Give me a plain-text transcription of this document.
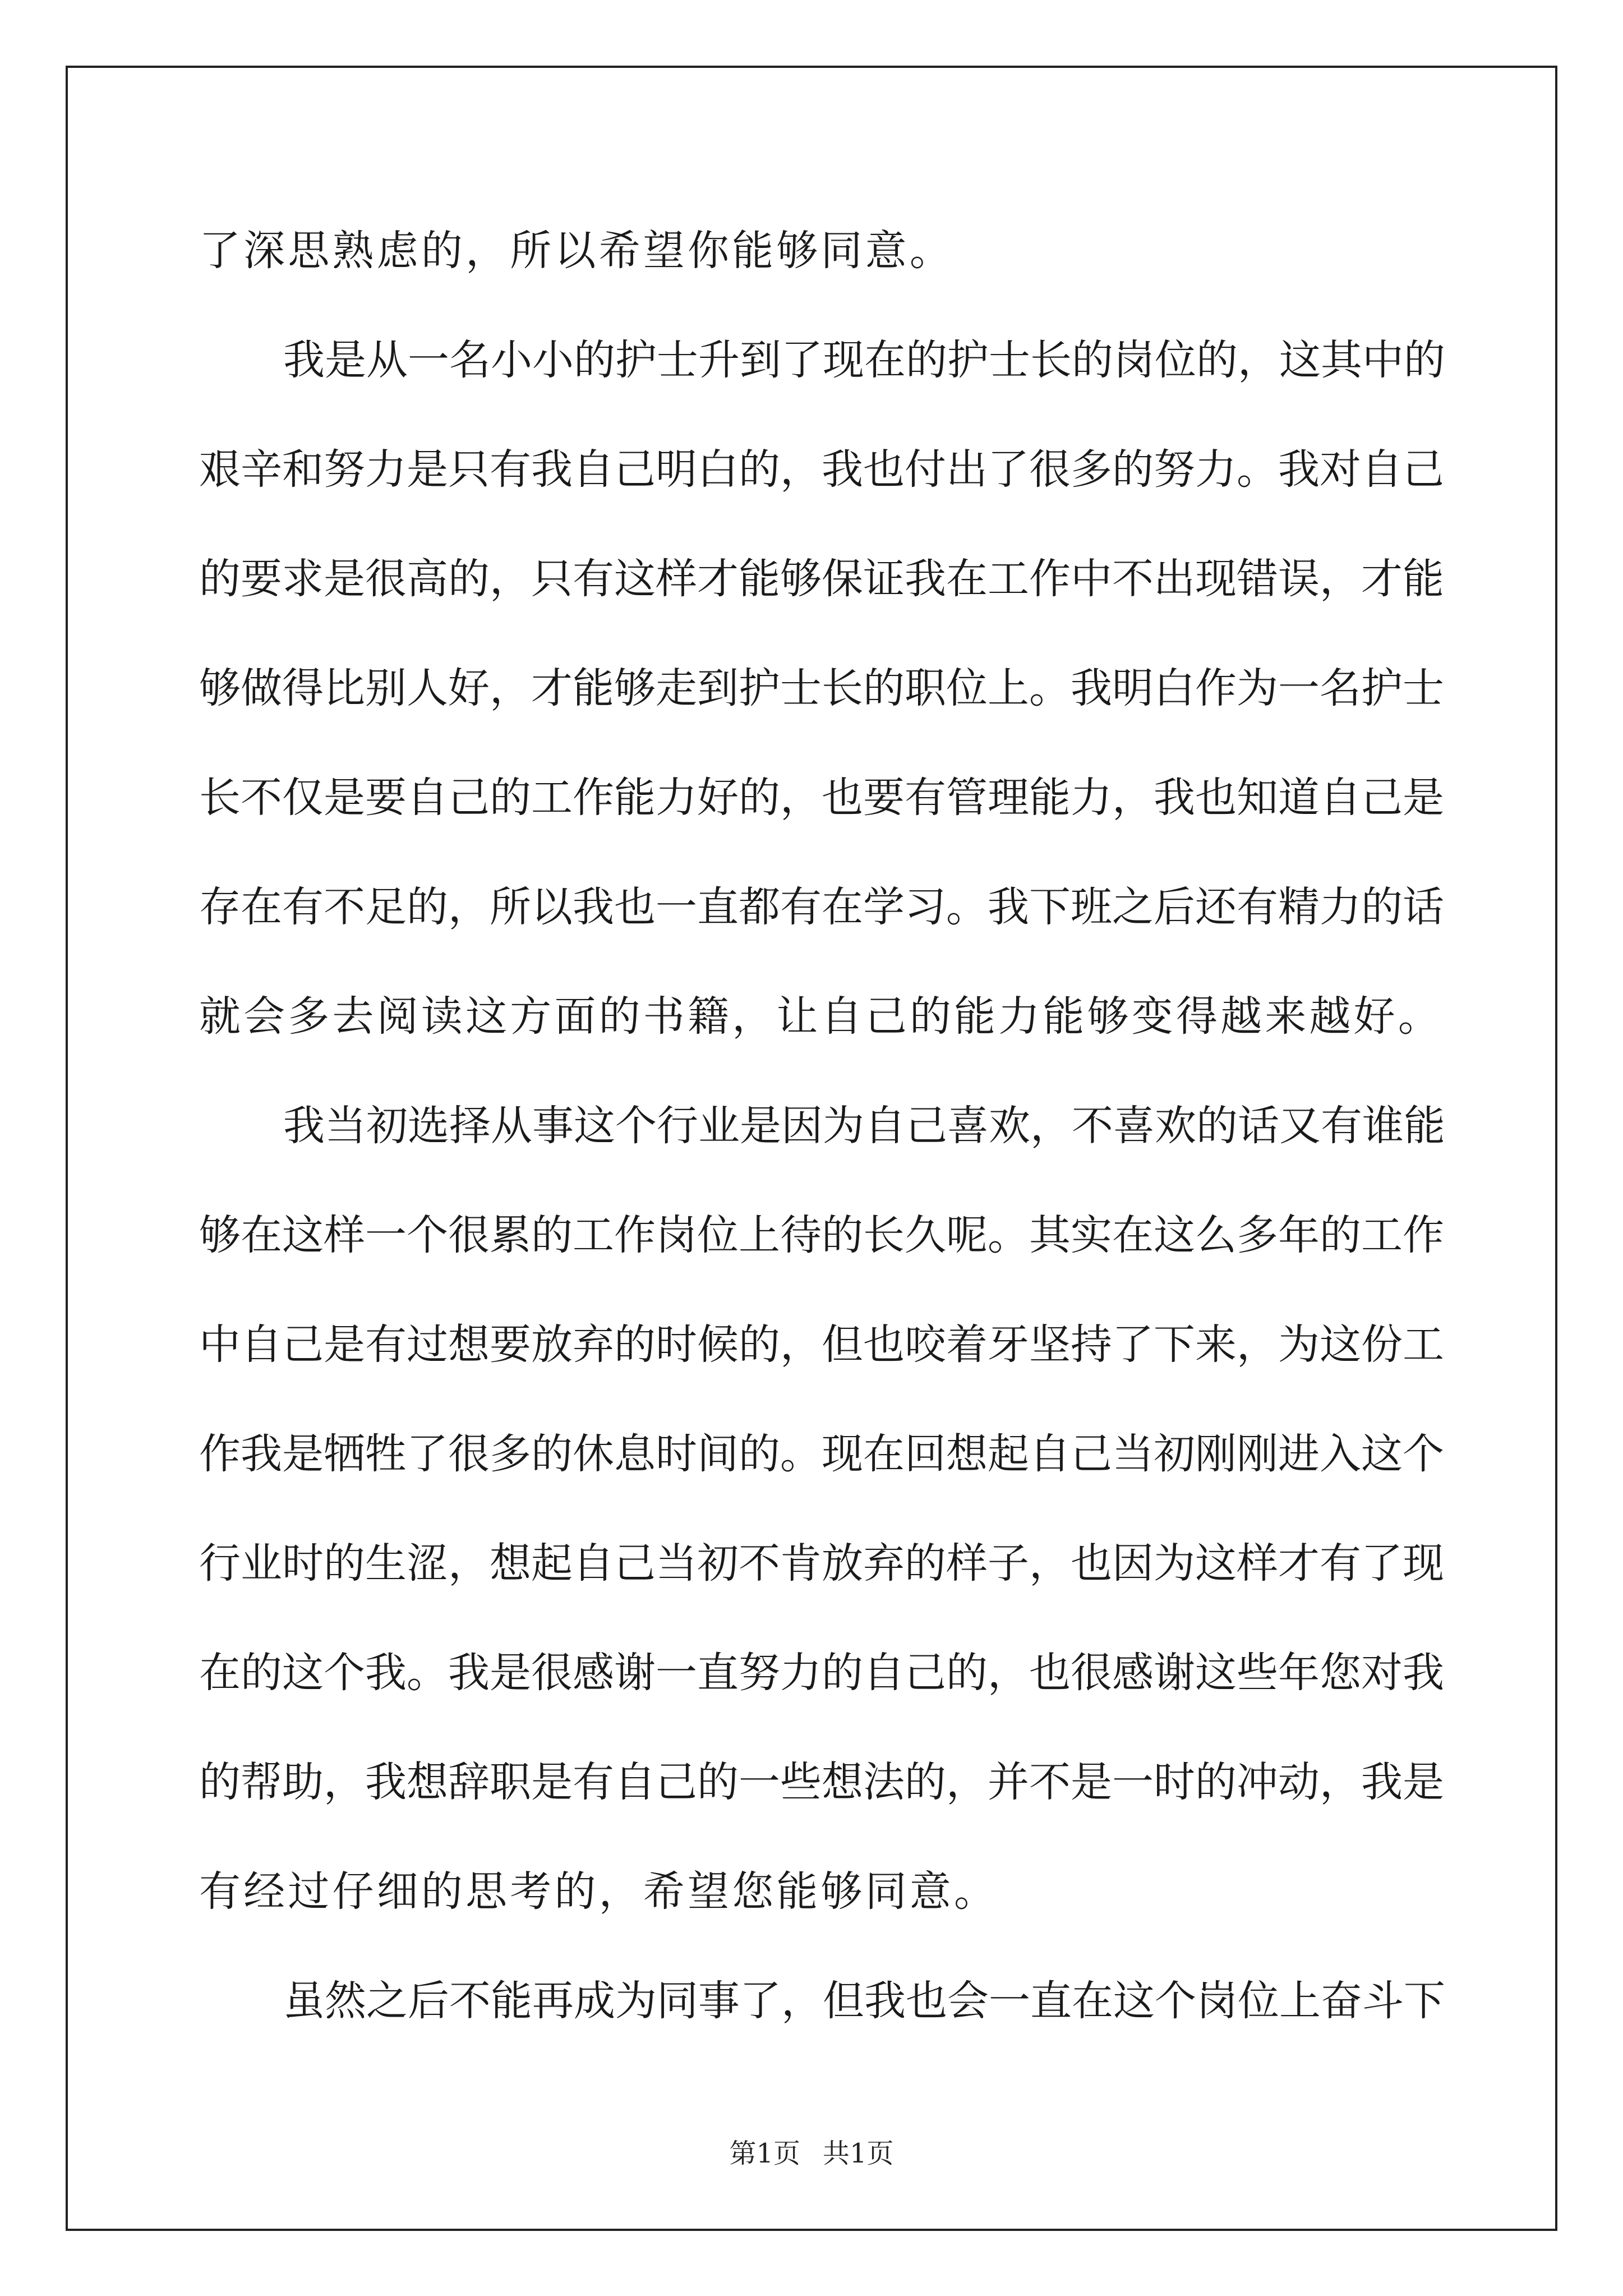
了深思熟虑的，所以希望你能够同意。
我是从一名小小的护士升到了现在的护士长的岗位的，这其中的
艰辛和努力是只有我自己明白的，我也付出了很多的努力。我对自己
的要求是很高的，只有这样才能够保证我在工作中不出现错误，才能
够做得比别人好，才能够走到护士长的职位上。我明白作为一名护士
长不仅是要自己的工作能力好的，也要有管理能力，我也知道自己是
存在有不足的，所以我也一直都有在学习。我下班之后还有精力的话
就会多去阅读这方面的书籍，让自己的能力能够变得越来越好。
我当初选择从事这个行业是因为自己喜欢，不喜欢的话又有谁能
够在这样一个很累的工作岗位上待的长久呢。其实在这么多年的工作
中自己是有过想要放弃的时候的，但也咬着牙坚持了下来，为这份工
作我是牺牲了很多的休息时间的。现在回想起自己当初刚刚进入这个
行业时的生涩，想起自己当初不肯放弃的样子，也因为这样才有了现
在的这个我。我是很感谢一直努力的自己的，也很感谢这些年您对我
的帮助，我想辞职是有自己的一些想法的，并不是一时的冲动，我是
有经过仔细的思考的，希望您能够同意。
虽然之后不能再成为同事了，但我也会一直在这个岗位上奋斗下
第1页 共1页
